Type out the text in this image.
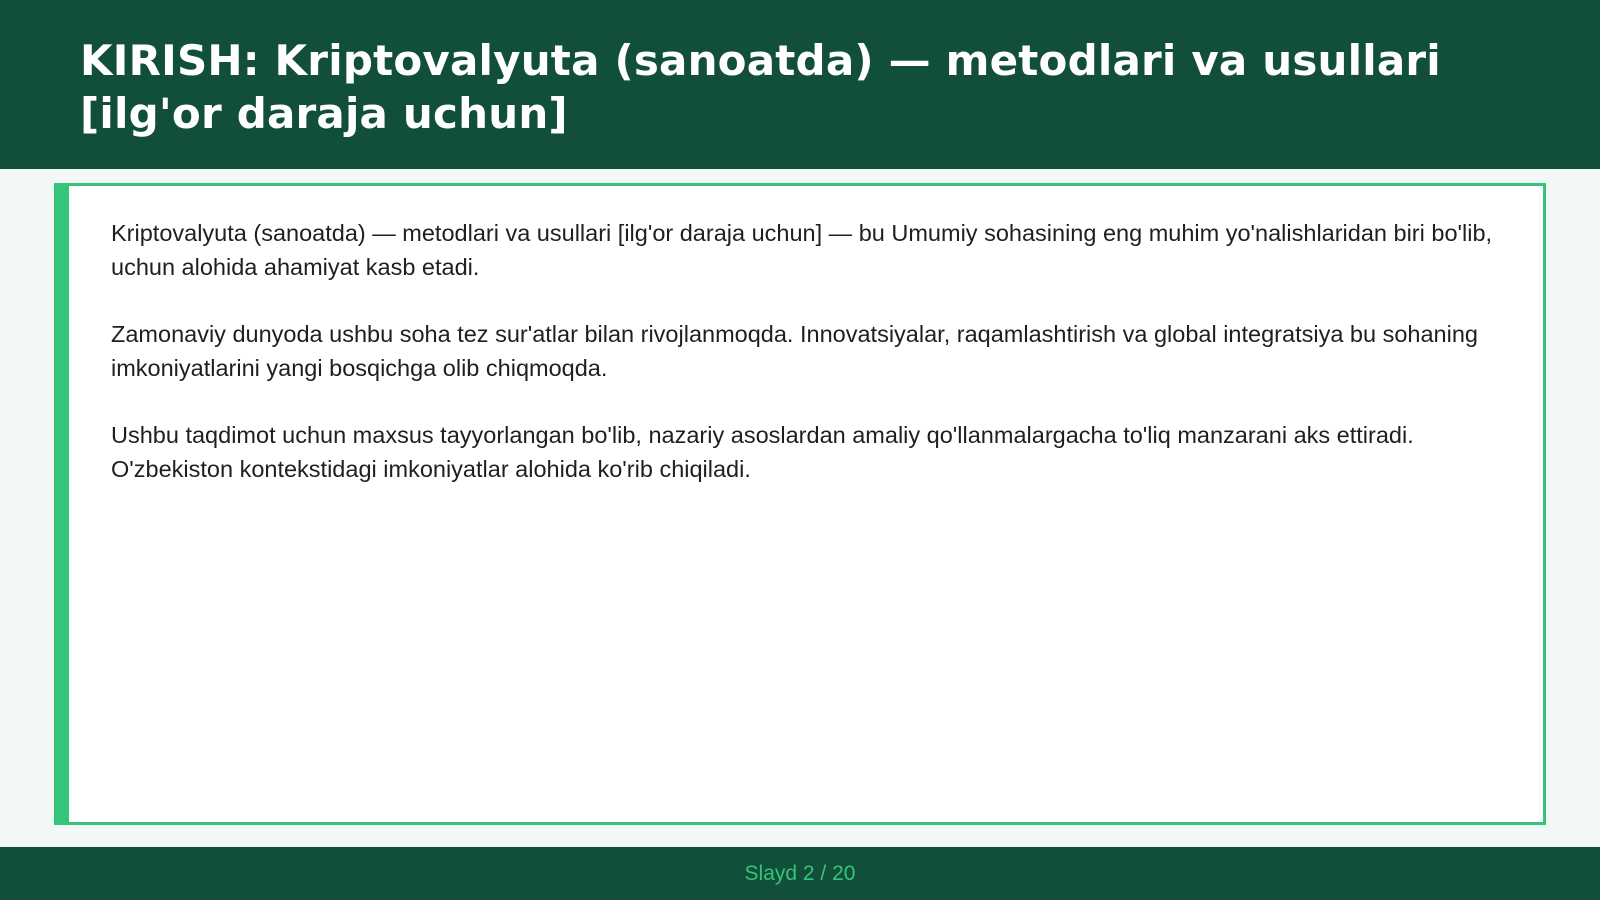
KIRISH: Kriptovalyuta (sanoatda) — metodlari va usullari [ilg'or daraja uchun]

Kriptovalyuta (sanoatda) — metodlari va usullari [ilg'or daraja uchun] — bu Umumiy sohasining eng muhim yo'nalishlaridan biri bo'lib, uchun alohida ahamiyat kasb etadi.

Zamonaviy dunyoda ushbu soha tez sur'atlar bilan rivojlanmoqda. Innovatsiyalar, raqamlashtirish va global integratsiya bu sohaning imkoniyatlarini yangi bosqichga olib chiqmoqda.

Ushbu taqdimot uchun maxsus tayyorlangan bo'lib, nazariy asoslardan amaliy qo'llanmalargacha to'liq manzarani aks ettiradi. O'zbekiston kontekstidagi imkoniyatlar alohida ko'rib chiqiladi.

Slayd 2 / 20
